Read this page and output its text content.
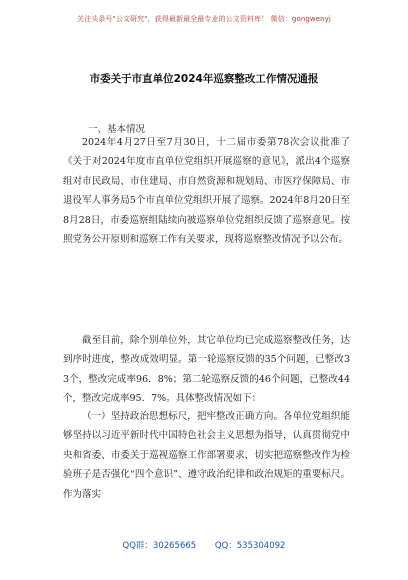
关注头条号"公文研究"，获得最新最全最专业的公文资料库！ 微信：gongwenyj
市委关于市直单位2024年巡察整改工作情况通报
一、基本情况
2024年4月27日至7月30日，十二届市委第78次会议批准了《关于对2024年度市直单位党组织开展巡察的意见》，派出4个巡察组对市民政局、市住建局、市自然资源和规划局、市医疗保障局、市退役军人事务局5个市直单位党组织开展了巡察。2024年8月20日至8月28日，市委巡察组陆续向被巡察单位党组织反馈了巡察意见。按照党务公开原则和巡察工作有关要求，现将巡察整改情况予以公布。
截至目前，除个别单位外，其它单位均已完成巡察整改任务，达到序时进度，整改成效明显。第一轮巡察反馈的35个问题，已整改33个，整改完成率96．8%；第二轮巡察反馈的46个问题，已整改44个，整改完成率95．7%。具体整改情况如下：
（一）坚持政治思想标尺，把牢整改正确方向。各单位党组织能够坚持以习近平新时代中国特色社会主义思想为指导，认真贯彻党中央和省委、市委关于巡视巡察工作部署要求，切实把巡察整改作为检验班子是否强化“四个意识”、遵守政治纪律和政治规矩的重要标尺。作为落实
QQ群：30265665 QQ：535304092
